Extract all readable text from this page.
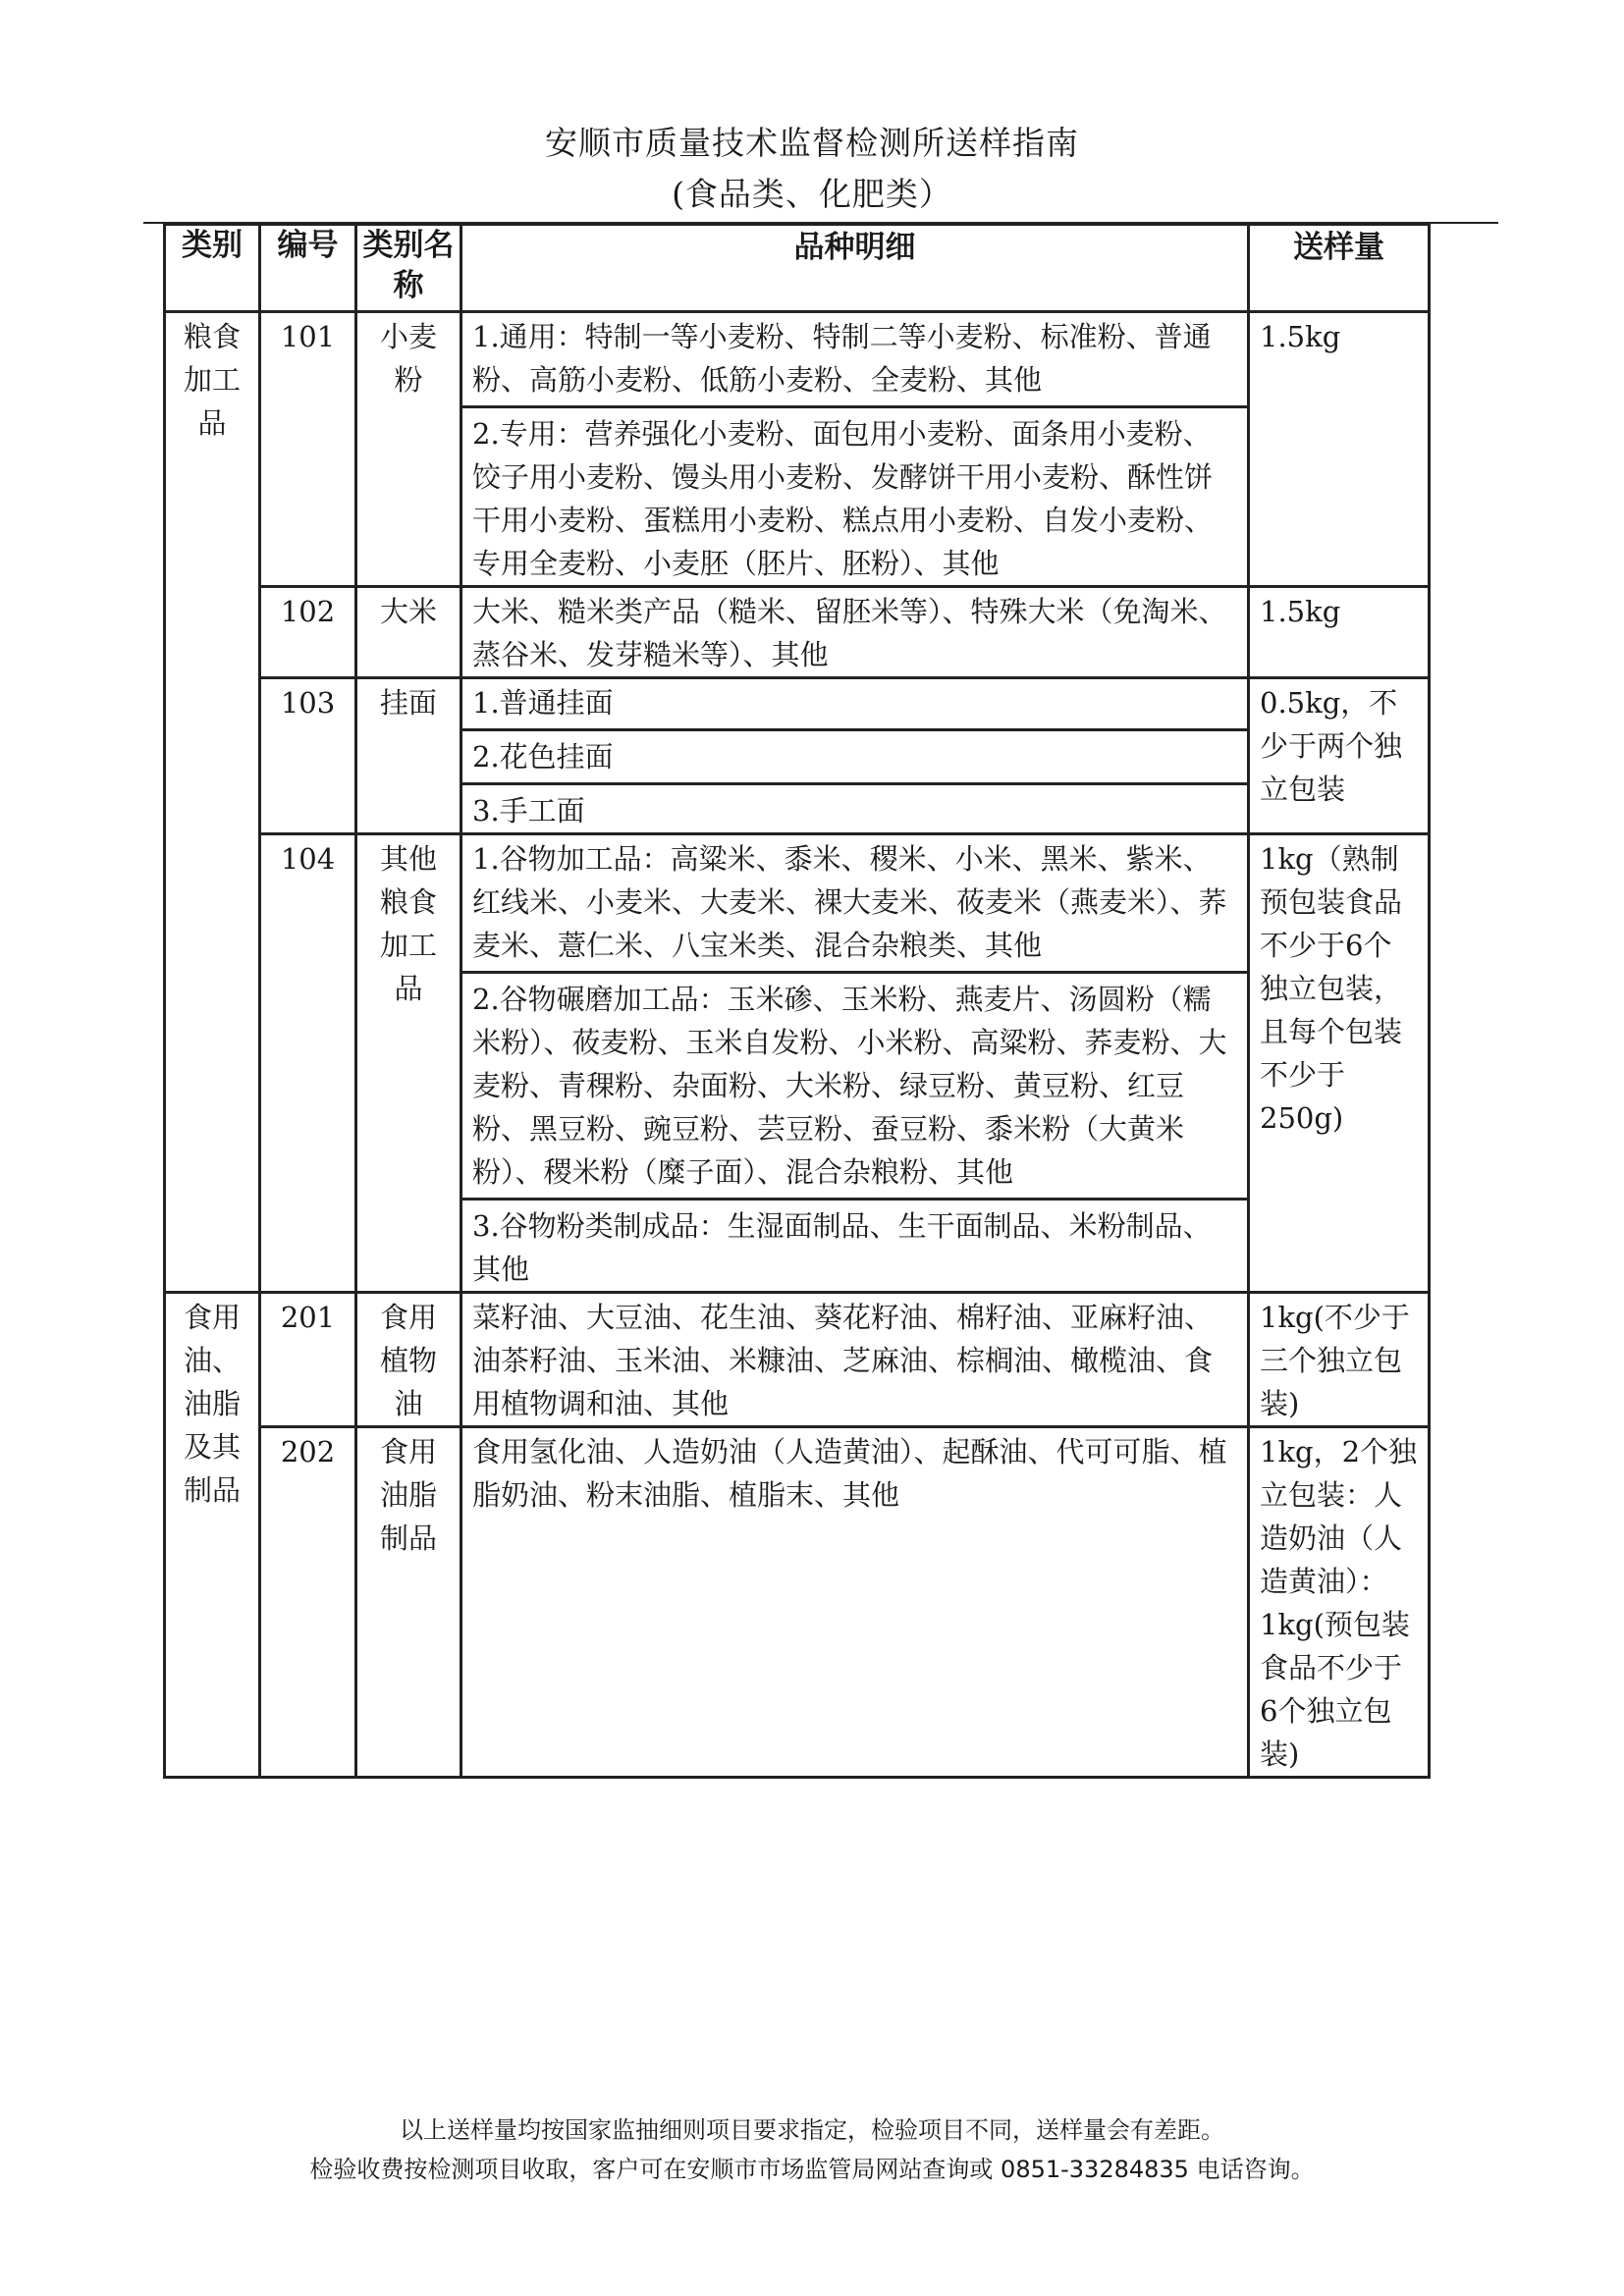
安顺市质量技术监督检测所送样指南
(食品类、化肥类）
类别	编号	类别名称	品种明细	送样量
粮食加工品	101	小麦粉	1.通用：特制一等小麦粉、特制二等小麦粉、标准粉、普通粉、高筋小麦粉、低筋小麦粉、全麦粉、其他
2.专用：营养强化小麦粉、面包用小麦粉、面条用小麦粉、饺子用小麦粉、馒头用小麦粉、发酵饼干用小麦粉、酥性饼干用小麦粉、蛋糕用小麦粉、糕点用小麦粉、自发小麦粉、专用全麦粉、小麦胚（胚片、胚粉）、其他	1.5kg
	102	大米	大米、糙米类产品（糙米、留胚米等）、特殊大米（免淘米、蒸谷米、发芽糙米等）、其他	1.5kg
	103	挂面	1.普通挂面
2.花色挂面
3.手工面	0.5kg，不少于两个独立包装
	104	其他粮食加工品	1.谷物加工品：高粱米、黍米、稷米、小米、黑米、紫米、红线米、小麦米、大麦米、裸大麦米、莜麦米（燕麦米）、荞麦米、薏仁米、八宝米类、混合杂粮类、其他
2.谷物碾磨加工品：玉米碜、玉米粉、燕麦片、汤圆粉（糯米粉）、莜麦粉、玉米自发粉、小米粉、高粱粉、荞麦粉、大麦粉、青稞粉、杂面粉、大米粉、绿豆粉、黄豆粉、红豆粉、黑豆粉、豌豆粉、芸豆粉、蚕豆粉、黍米粉（大黄米粉）、稷米粉（糜子面）、混合杂粮粉、其他
3.谷物粉类制成品：生湿面制品、生干面制品、米粉制品、其他	1kg（熟制预包装食品不少于6个独立包装，且每个包装不少于250g)
食用油、油脂及其制品	201	食用植物油	菜籽油、大豆油、花生油、葵花籽油、棉籽油、亚麻籽油、油茶籽油、玉米油、米糠油、芝麻油、棕榈油、橄榄油、食用植物调和油、其他	1kg(不少于三个独立包装)
	202	食用油脂制品	食用氢化油、人造奶油（人造黄油）、起酥油、代可可脂、植脂奶油、粉末油脂、植脂末、其他	1kg，2个独立包装：人造奶油（人造黄油）：1kg(预包装食品不少于6个独立包装)
以上送样量均按国家监抽细则项目要求指定，检验项目不同，送样量会有差距。
检验收费按检测项目收取，客户可在安顺市市场监管局网站查询或 0851-33284835 电话咨询。
